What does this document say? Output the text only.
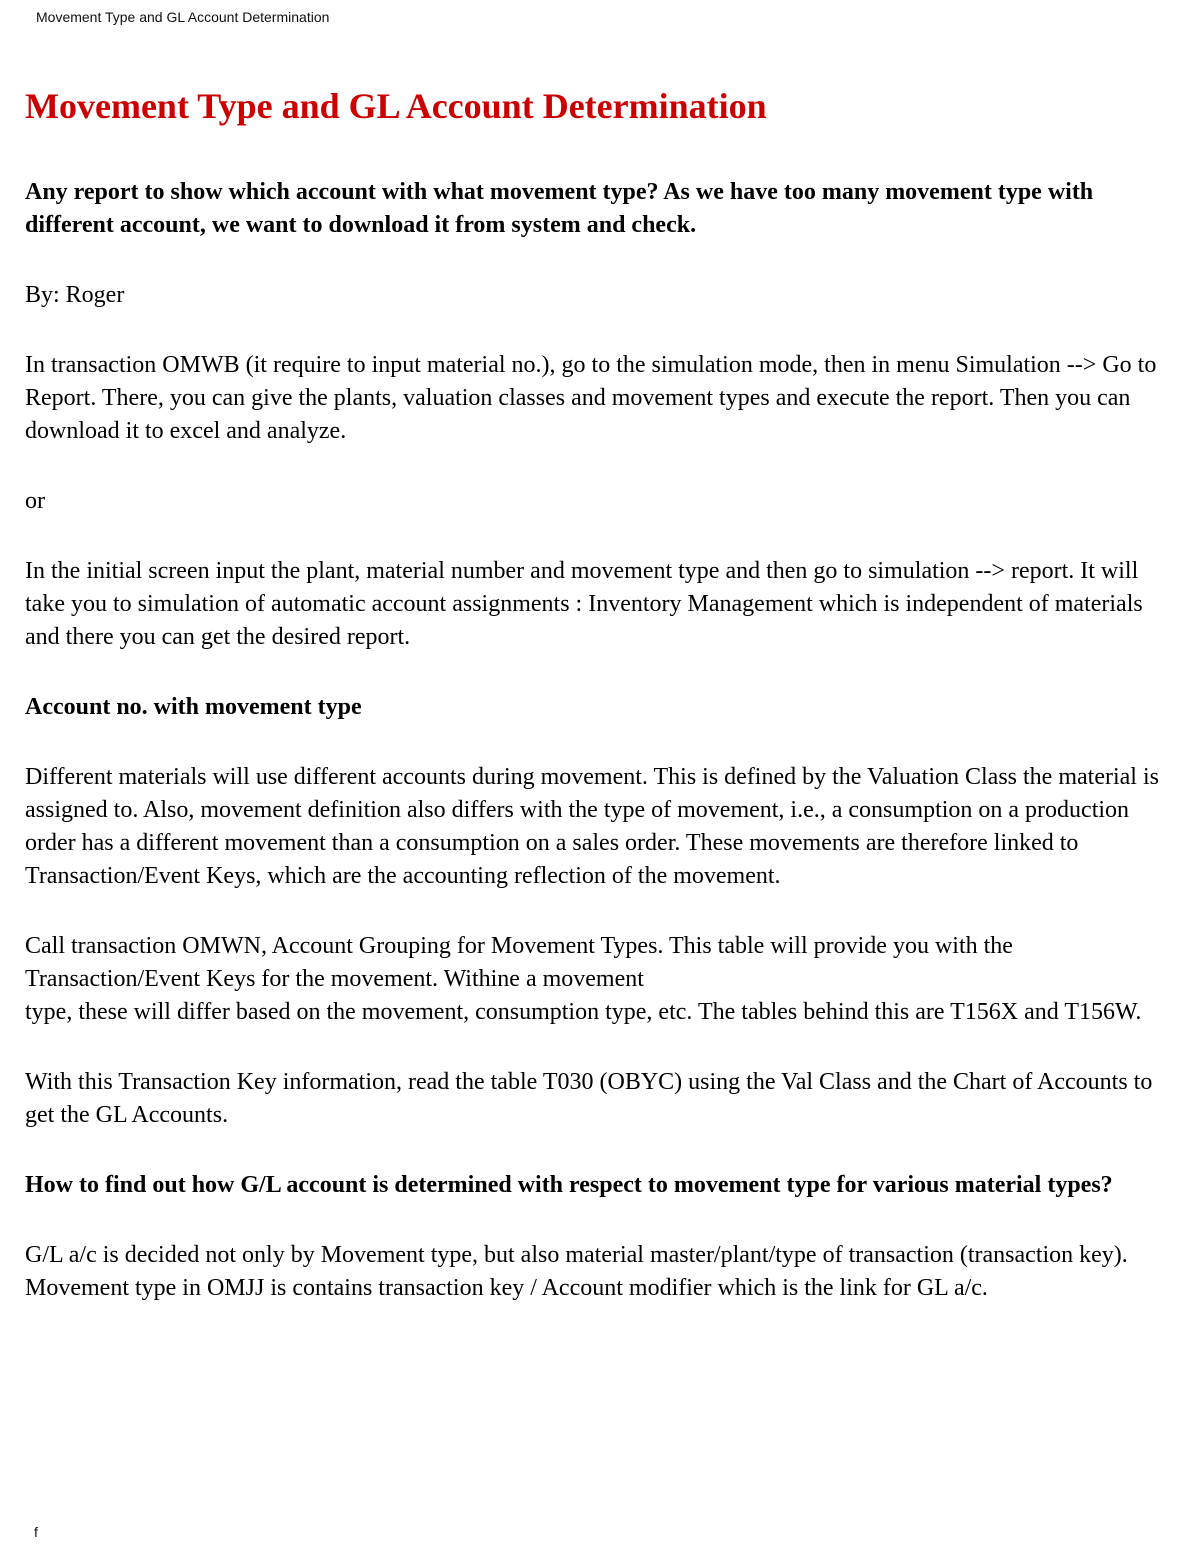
Movement Type and GL Account Determination
Movement Type and GL Account Determination

Any report to show which account with what movement type? As we have too many movement type with different account, we want to download it from system and check.

By: Roger

In transaction OMWB (it require to input material no.), go to the simulation mode, then in menu Simulation --> Go to Report. There, you can give the plants, valuation classes and movement types and execute the report. Then you can download it to excel and analyze.

or

In the initial screen input the plant, material number and movement type and then go to simulation --> report. It will take you to simulation of automatic account assignments : Inventory Management which is independent of materials and there you can get the desired report.

Account no. with movement type

Different materials will use different accounts during movement. This is defined by the Valuation Class the material is assigned to. Also, movement definition also differs with the type of movement, i.e., a consumption on a production order has a different movement than a consumption on a sales order. These movements are therefore linked to Transaction/Event Keys, which are the accounting reflection of the movement.

Call transaction OMWN, Account Grouping for Movement Types. This table will provide you with the Transaction/Event Keys for the movement. Withine a movement
type, these will differ based on the movement, consumption type, etc. The tables behind this are T156X and T156W.

With this Transaction Key information, read the table T030 (OBYC) using the Val Class and the Chart of Accounts to get the GL Accounts.

How to find out how G/L account is determined with respect to movement type for various material types?

G/L a/c is decided not only by Movement type, but also material master/plant/type of transaction (transaction key). Movement type in OMJJ is contains transaction key / Account modifier which is the link for GL a/c.

f
